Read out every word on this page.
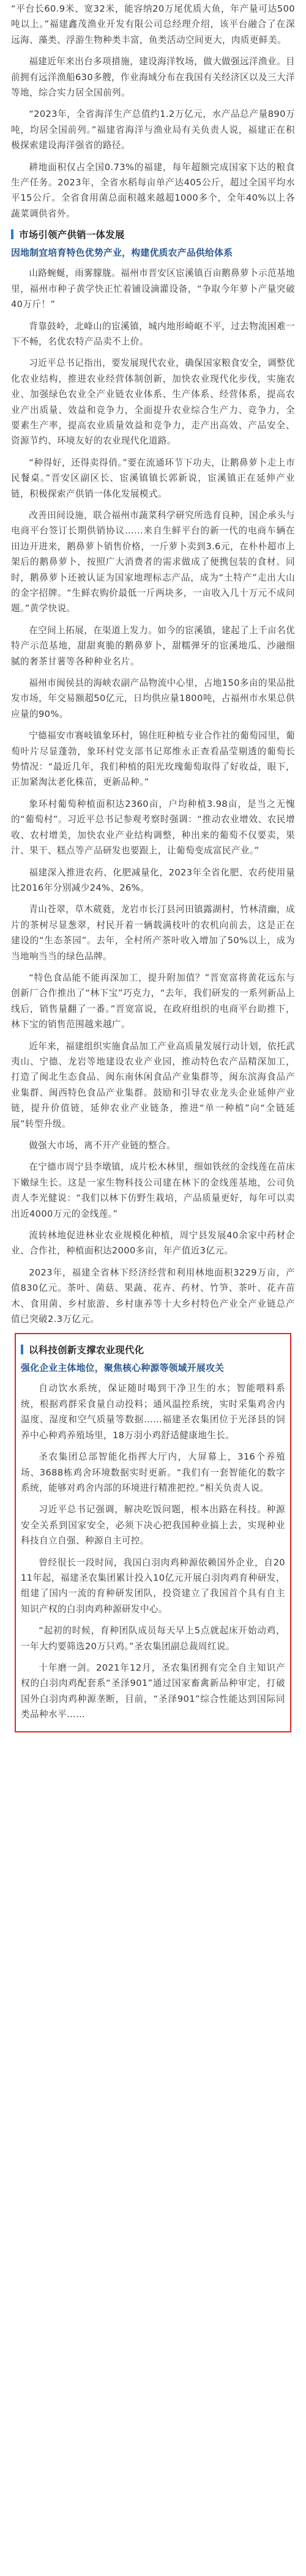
“平台长60.9米、宽32米，能容纳20万尾优质大鱼，年产量可达500吨以上。”福建鑫茂渔业开发有限公司总经理介绍，该平台融合了在深远海、藻类、浮游生物种类丰富，鱼类活动空间更大，肉质更鲜美。

福建近年来出台多项措施，建设海洋牧场，做大做强远洋渔业。目前拥有远洋渔船630多艘，作业海域分布在我国有关经济区以及三大洋等地，综合实力居全国前列。

“2023年，全省海洋生产总值约1.2万亿元，水产品总产量890万吨，均居全国前列。”福建省海洋与渔业局有关负责人说，福建正在积极探索建设海洋强省的路径。

耕地面积仅占全国0.73%的福建，每年超额完成国家下达的粮食生产任务。2023年，全省水稻每亩单产达405公斤，超过全国平均水平15公斤。全省食用菌总面积越来越超1000多个，全年40%以上各蔬菜调供省外。

市场引领产供销一体发展
因地制宜培育特色优势产业，构建优质农产品供给体系

山路蜿蜒，雨雾朦胧。福州市晋安区宦溪镇百亩鹅鼻萝卜示范基地里，福州市种子黄学快正忙着铺设滴灌设备，“争取今年萝卜产量突破40万斤！”

背靠鼓岭，北峰山的宦溪镇，城内地形崎岖不平，过去物流困难一下不畅，名优农特产品卖不上价。

习近平总书记指出，要发展现代农业，确保国家粮食安全，调整优化农业结构，推进农业经营体制创新，加快农业现代化步伐，实施农业、加强绿色农业全产业链农业体系、生产体系、经营体系，提高农业产出质量、效益和竞争力，全面提升农业综合生产力、竞争力，全要素生产率，提高农业质量效益和竞争力，走产出高效、产品安全、资源节约、环境友好的农业现代化道路。

“种得好，还得卖得俏。”要在流通环节下功夫，让鹅鼻萝卜走上市民餐桌。”晋安区副区长、宦溪镇镇长郭新说，宦溪镇正在延伸产业链，积极探索产供销一体化发展模式。

改善田间设施，联合福州市蔬菜科学研究所选育良种，国企承头与电商平台签订长期供销协议……来自生鲜平台的新一代的电商车辆在田边开进来，鹅鼻萝卜销售价格，一斤萝卜卖到3.6元，在朴朴超市上架后的鹅鼻萝卜，按照广大消费者的需求做成了便携包装的食材。同时，鹅鼻萝卜还被认证为国家地理标志产品，成为“土特产”走出大山的金字招牌。“生鲜农购价最低一斤两块多，一亩收入几十万元不成问题。”黄学快说。

在空间上拓展，在渠道上发力。如今的宦溪镇，建起了上千亩名优特产示范基地，甜甜爽脆的鹅鼻萝卜，甜糯弹牙的宦溪地瓜、沙融细腻的奢茶甘薯等各种种业名片。

福州市闽侯县的海峡农副产品物流中心里，占地150多亩的果品批发市场，年交易额超50亿元，日均供应量1800吨，占福州市水果总供应量的90%。

宁德福安市赛岐镇象环村，锦住旺种植专业合作社的葡萄园里，葡萄叶片尽显蓬勃，象环村党支部书记郑维永正查看晶莹剔透的葡萄长势情况：“最近几年，我们种植的阳光玫瑰葡萄取得了好收益，眼下，正加紧淘汰老化株苗，更新品种。”

象环村葡萄种植面积达2360亩，户均种植3.98亩，是当之无愧的“葡萄村”。习近平总书记参观考察时强调：“推动农业增效、农民增收、农村增美，加快农业产业结构调整，种出来的葡萄不仅要卖，果汁、果干、糕点等产品研发也要跟上，让葡萄变成富民产业。”

福建深入推进农药、化肥减量化，2023年全省化肥、农药使用量比2016年分别减少24%、26%。

青山苍翠，草木葳蕤，龙岩市长汀县河田镇露湖村，竹林清幽，成片的茶树尽显葱翠，村民开着一辆载满枝叶的农机向前去，这是正在建设的“生态茶园”。去年，全村所产茶叶收入增加了50%以上，成为当地响当当的绿色品牌。

“特色食品能不能再深加工，提升附加值？”晋宽富将黄花远东与创新厂合作推出了“林下宝”巧克力，“去年，我们研发的一系列新品上线后，销售量翻了一番。”晋宽富说，在政府组织的电商平台助推下，林下宝的销售范围越来越广。

近年来，福建组织实施食品加工产业高质量发展行动计划，依托武夷山、宁德、龙岩等地建设农业产业园，推动特色农产品精深加工，打造了闽北生态食品、闽东南休闲食品产业集群等，闽东滨海食品产业集群、闽西特色食品产业集群。鼓励和引导农业龙头企业延伸产业链，提升价值链，延伸农业产业链条，推进“单一种植”向“全链延展”转型升级。

做强大市场，离不开产业链的整合。

在宁德市周宁县李墩镇，成片松木林里，细如铁丝的金线莲在苗床下嫩绿生长。这是一家生物科技公司建在林下的金线莲基地，公司负责人李光健说：“我们以林下仿野生栽培，产品质量更好，每年可以卖出近4000万元的金线莲。”

流转林地促进林业农业规模化种植，周宁县发展40余家中药材企业、合作社，种植面积达2000多亩，年产值近3亿元。

2023年，福建全省林下经济经营和利用林地面积3229万亩，产值830亿元。茶叶、菌菇、果蔬、花卉、药材、竹笋、茶叶、花卉苗木、食用菌、乡村旅游、乡村康养等十大乡村特色产业全产业链总产值已突破2.3万亿元。

以科技创新支撑农业现代化
强化企业主体地位，聚焦核心种源等领域开展攻关

自动饮水系统，保证随时喝到干净卫生的水；智能喂料系统，根据鸡群采食量自动投料；通风温控系统，实时采集鸡舍内温度、湿度和空气质量等数据……福建圣农集团位于光泽县的饲养中心种鸡养殖场里，18万羽小鸡舒适健康地生长。

圣农集团总部智能化指挥大厅内，大屏幕上，316个养殖场、3688栋鸡舍环境数据实时更新。“我们有一套智能化的数字系统，能够对鸡舍内部的环境进行精准把控。”相关负责人说。

习近平总书记强调，解决吃饭问题，根本出路在科技。种源安全关系到国家安全，必须下决心把我国种业搞上去，实现种业科技自立自强、种源自主可控。

曾经很长一段时间，我国白羽肉鸡种源依赖国外企业，自2011年起，福建圣农集团累计投入10亿元开展白羽肉鸡育种研发，组建了国内一流的育种研发团队，投资建立了我国首个具有自主知识产权的白羽肉鸡种源研发中心。

“起初的时候，育种团队成员每天早上5点就起床开始动鸡，一年大约要筛选20万只鸡。”圣农集团副总裁周红说。

十年磨一剑。2021年12月，圣农集团拥有完全自主知识产权的白羽肉鸡配套系“圣泽901”通过国家畜禽新品种审定，打破国外白羽肉鸡种源垄断，目前，“圣泽901”综合性能达到国际同类品种水平……
